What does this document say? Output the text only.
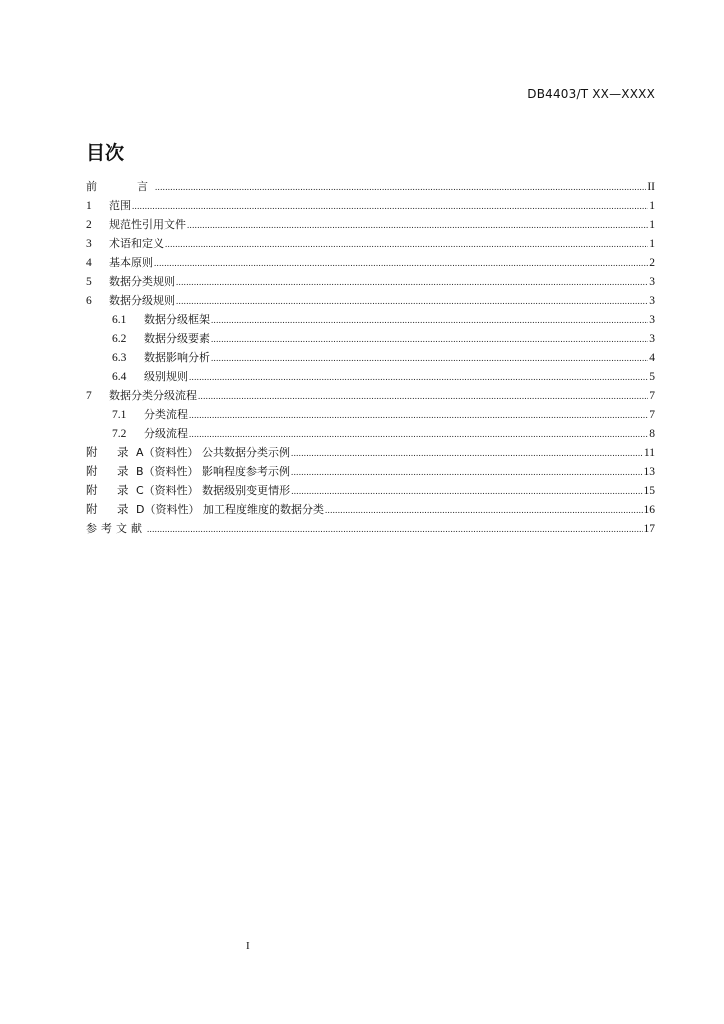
DB4403/T XX—XXXX
目次
前　　言 .....	II
1	范围 .....	1
2	规范性引用文件 .....	1
3	术语和定义 .....	1
4	基本原则 .....	2
5	数据分类规则 .....	3
6	数据分级规则 .....	3
6.1	数据分级框架 .....	3
6.2	数据分级要素 .....	3
6.3	数据影响分析 .....	4
6.4	级别规则 .....	5
7	数据分类分级流程 .....	7
7.1	分类流程 .....	7
7.2	分级流程 .....	8
附　录 A（资料性） 公共数据分类示例 .....	11
附　录 B（资料性） 影响程度参考示例 .....	13
附　录 C（资料性） 数据级别变更情形 .....	15
附　录 D（资料性） 加工程度维度的数据分类 .....	16
参考文献 .....	17
I
